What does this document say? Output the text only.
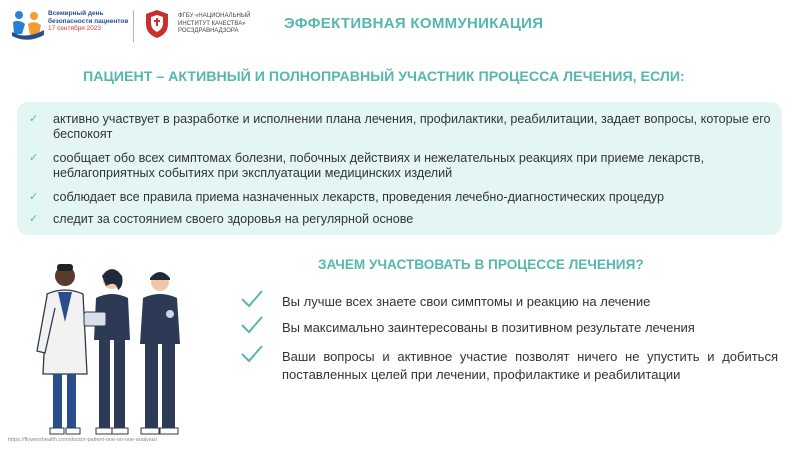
Всемирный день безопасности пациентов
17 сентября 2023
ФГБУ «НАЦИОНАЛЬНЫЙ ИНСТИТУТ КАЧЕСТВА» РОСЗДРАВНАДЗОРА	ЭФФЕКТИВНАЯ КОММУНИКАЦИЯ
ПАЦИЕНТ – АКТИВНЫЙ И ПОЛНОПРАВНЫЙ УЧАСТНИК ПРОЦЕССА ЛЕЧЕНИЯ, ЕСЛИ:
✓	активно участвует в разработке и исполнении плана лечения, профилактики, реабилитации, задает вопросы, которые его беспокоят
✓	сообщает обо всех симптомах болезни, побочных действиях и нежелательных реакциях при приеме лекарств, неблагоприятных событиях при эксплуатации медицинских изделий
✓	соблюдает все правила приема назначенных лекарств, проведения лечебно-диагностических процедур
✓	следит за состоянием своего здоровья на регулярной основе
ЗАЧЕМ УЧАСТВОВАТЬ В ПРОЦЕССЕ ЛЕЧЕНИЯ?
Вы лучше всех знаете свои симптомы и реакцию на лечение
Вы максимально заинтересованы в позитивном результате лечения
Ваши вопросы и активное участие позволят ничего не упустить и добиться поставленных целей при лечении, профилактике и реабилитации
https://flowershealth.com/doctor-patient-one-on-one-analysis/
